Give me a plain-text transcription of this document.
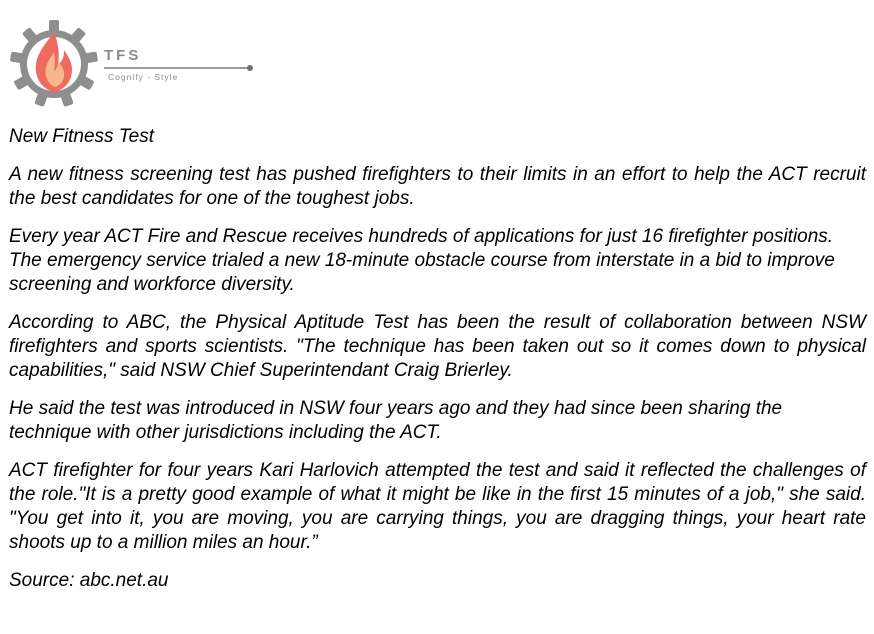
TFS
Cognify - Style

New Fitness Test

A new fitness screening test has pushed firefighters to their limits in an effort to help the ACT recruit the best candidates for one of the toughest jobs.

Every year ACT Fire and Rescue receives hundreds of applications for just 16 firefighter positions. The emergency service trialed a new 18-minute obstacle course from interstate in a bid to improve screening and workforce diversity.

According to ABC, the Physical Aptitude Test has been the result of collaboration between NSW firefighters and sports scientists. "The technique has been taken out so it comes down to physical capabilities," said NSW Chief Superintendant Craig Brierley.

He said the test was introduced in NSW four years ago and they had since been sharing the technique with other jurisdictions including the ACT.

ACT firefighter for four years Kari Harlovich attempted the test and said it reflected the challenges of the role."It is a pretty good example of what it might be like in the first 15 minutes of a job," she said. "You get into it, you are moving, you are carrying things, you are dragging things, your heart rate shoots up to a million miles an hour.”

Source: abc.net.au
